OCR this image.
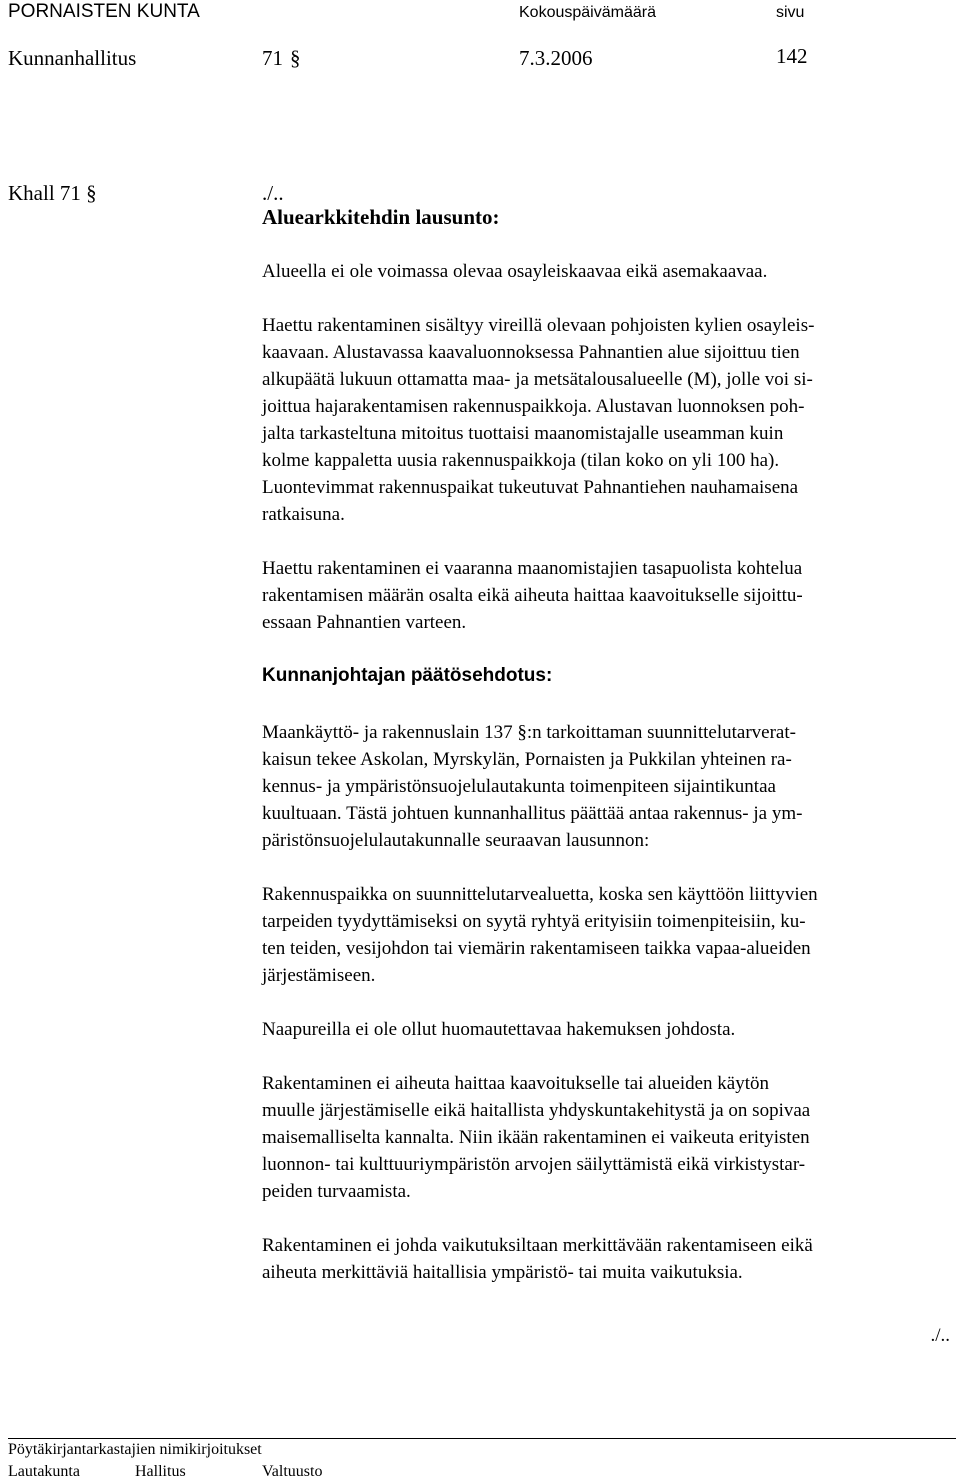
PORNAISTEN KUNTA	Kokouspäivämäärä	sivu
Kunnanhallitus	71 §	7.3.2006	142
Khall 71 §	./..

Aluearkkitehdin lausunto:

Alueella ei ole voimassa olevaa osayleiskaavaa eikä asemakaavaa.

Haettu rakentaminen sisältyy vireillä olevaan pohjoisten kylien osayleis-
kaavaan. Alustavassa kaavaluonnoksessa Pahnantien alue sijoittuu tien
alkupäätä lukuun ottamatta maa- ja metsätalousalueelle (M), jolle voi si-
joittua hajarakentamisen rakennuspaikkoja. Alustavan luonnoksen poh-
jalta tarkasteltuna mitoitus tuottaisi maanomistajalle useamman kuin
kolme kappaletta uusia rakennuspaikkoja (tilan koko on yli 100 ha).
Luontevimmat rakennuspaikat tukeutuvat Pahnantiehen nauhamaisena
ratkaisuna.

Haettu rakentaminen ei vaaranna maanomistajien tasapuolista kohtelua
rakentamisen määrän osalta eikä aiheuta haittaa kaavoitukselle sijoittu-
essaan Pahnantien varteen.

Kunnanjohtajan päätösehdotus:

Maankäyttö- ja rakennuslain 137 §:n tarkoittaman suunnittelutarverat-
kaisun tekee Askolan, Myrskylän, Pornaisten ja Pukkilan yhteinen ra-
kennus- ja ympäristönsuojelulautakunta toimenpiteen sijaintikuntaa
kuultuaan. Tästä johtuen kunnanhallitus päättää antaa rakennus- ja ym-
päristönsuojelulautakunnalle seuraavan lausunnon:

Rakennuspaikka on suunnittelutarvealuetta, koska sen käyttöön liittyvien
tarpeiden tyydyttämiseksi on syytä ryhtyä erityisiin toimenpiteisiin, ku-
ten teiden, vesijohdon tai viemärin rakentamiseen taikka vapaa-alueiden
järjestämiseen.

Naapureilla ei ole ollut huomautettavaa hakemuksen johdosta.

Rakentaminen ei aiheuta haittaa kaavoitukselle tai alueiden käytön
muulle järjestämiselle eikä haitallista yhdyskuntakehitystä ja on sopivaa
maisemalliselta kannalta. Niin ikään rakentaminen ei vaikeuta erityisten
luonnon- tai kulttuuriympäristön arvojen säilyttämistä eikä virkistystar-
peiden turvaamista.

Rakentaminen ei johda vaikutuksiltaan merkittävään rakentamiseen eikä
aiheuta merkittäviä haitallisia ympäristö- tai muita vaikutuksia.

./..
Pöytäkirjantarkastajien nimikirjoitukset
Lautakunta	Hallitus	Valtuusto
